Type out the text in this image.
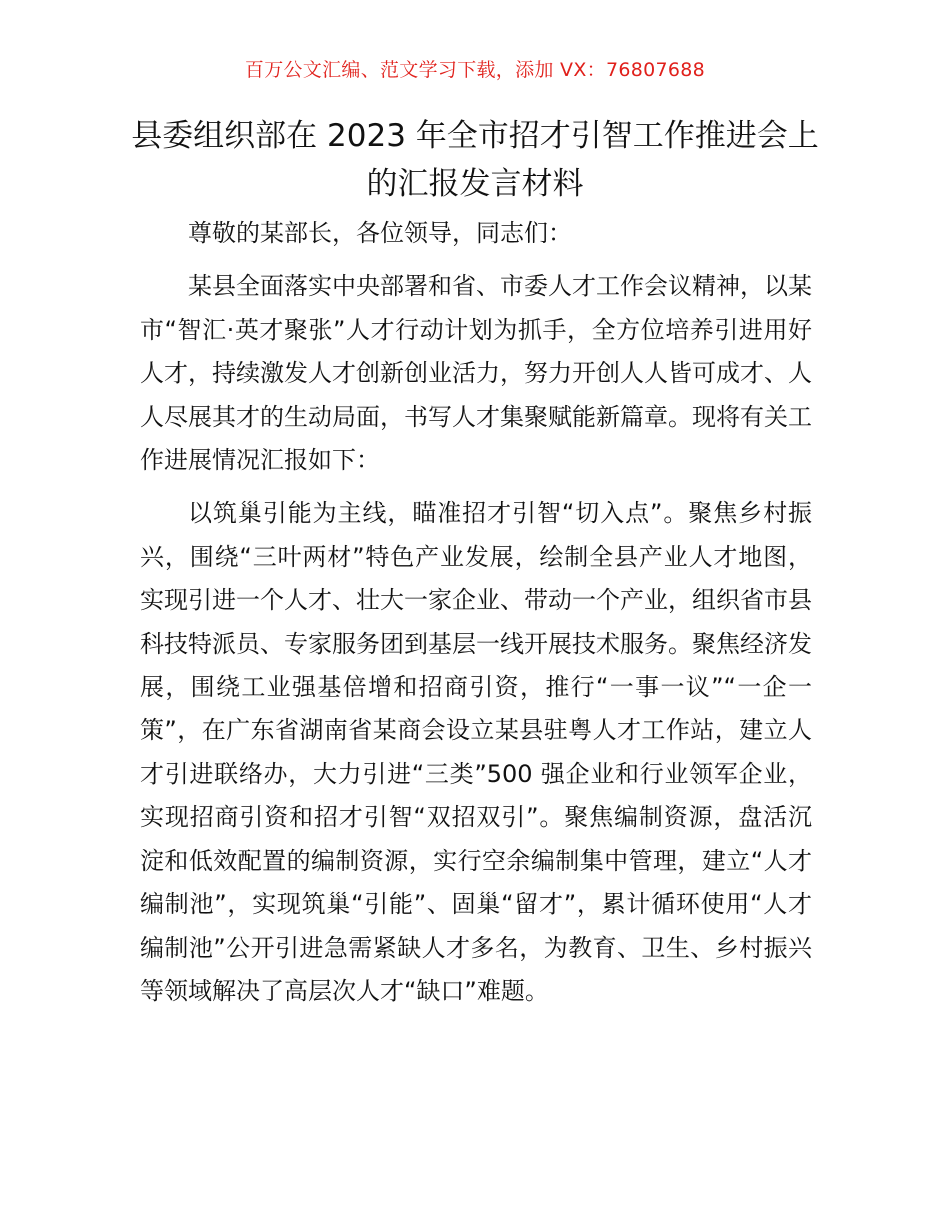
百万公文汇编、范文学习下载，添加 VX：76807688
县委组织部在 2023 年全市招才引智工作推进会上的汇报发言材料

尊敬的某部长，各位领导，同志们：

某县全面落实中央部署和省、市委人才工作会议精神，以某市“智汇·英才聚张”人才行动计划为抓手，全方位培养引进用好人才，持续激发人才创新创业活力，努力开创人人皆可成才、人人尽展其才的生动局面，书写人才集聚赋能新篇章。现将有关工作进展情况汇报如下：

以筑巢引能为主线，瞄准招才引智“切入点”。聚焦乡村振兴，围绕“三叶两材”特色产业发展，绘制全县产业人才地图，实现引进一个人才、壮大一家企业、带动一个产业，组织省市县科技特派员、专家服务团到基层一线开展技术服务。聚焦经济发展，围绕工业强基倍增和招商引资，推行“一事一议”“一企一策”，在广东省湖南省某商会设立某县驻粤人才工作站，建立人才引进联络办，大力引进“三类”500 强企业和行业领军企业，实现招商引资和招才引智“双招双引”。聚焦编制资源，盘活沉淀和低效配置的编制资源，实行空余编制集中管理，建立“人才编制池”，实现筑巢“引能”、固巢“留才”，累计循环使用“人才编制池”公开引进急需紧缺人才多名，为教育、卫生、乡村振兴等领域解决了高层次人才“缺口”难题。
